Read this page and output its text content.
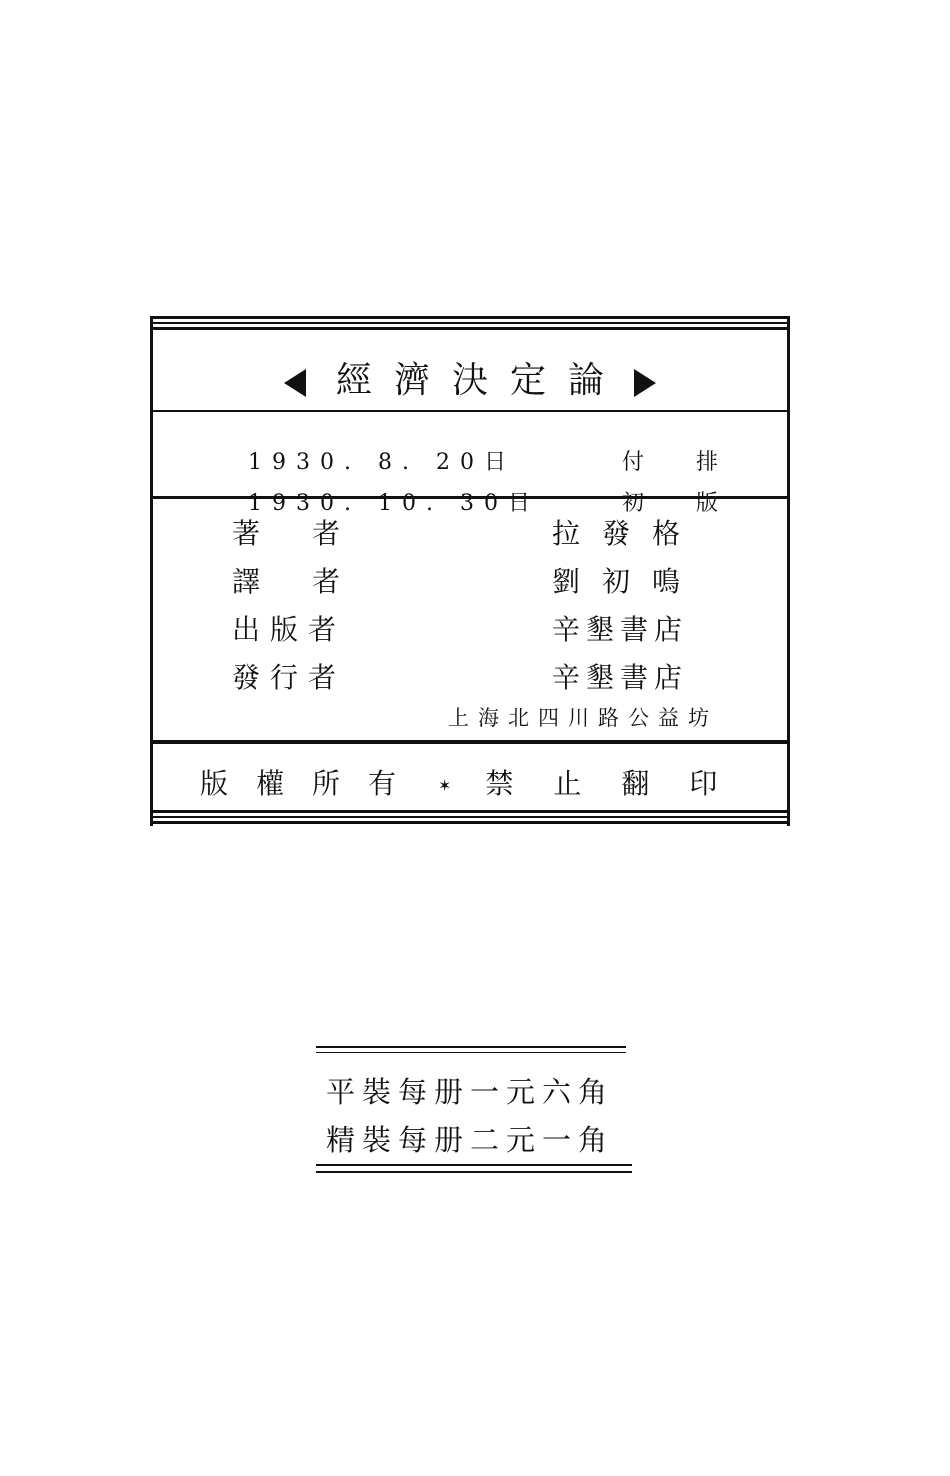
經濟決定論

1930. 8. 20日	付排

1930. 10. 30日	初版

著者	拉發格
譯者	劉初鳴
出版者	辛墾書店
發行者	辛墾書店
上海北四川路公益坊
版權所有 ✶ 禁止翻印
平裝每册一元六角
精裝每册二元一角
